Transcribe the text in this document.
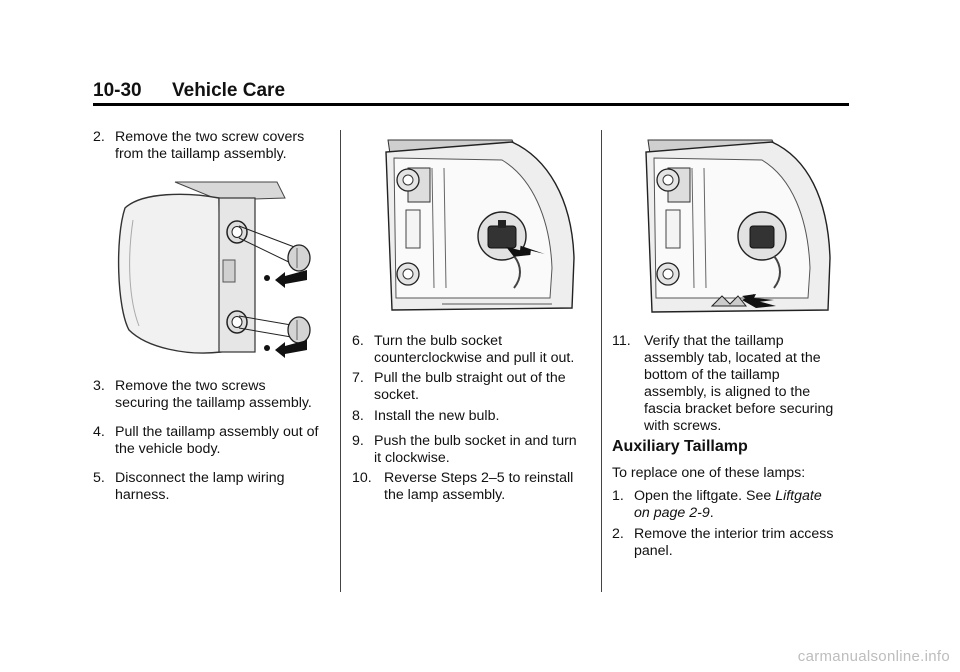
10-30 Vehicle Care
2. Remove the two screw covers
from the taillamp assembly.
3. Remove the two screws
securing the taillamp assembly.
4. Pull the taillamp assembly out of
the vehicle body.
5. Disconnect the lamp wiring
harness.
6. Turn the bulb socket
counterclockwise and pull it out.
7. Pull the bulb straight out of the
socket.
8. Install the new bulb.
9. Push the bulb socket in and turn
it clockwise.
10. Reverse Steps 2–5 to reinstall
the lamp assembly.
11. Verify that the taillamp
assembly tab, located at the
bottom of the taillamp
assembly, is aligned to the
fascia bracket before securing
with screws.
Auxiliary Taillamp
To replace one of these lamps:
1. Open the liftgate. See Liftgate
on page 2-9.
2. Remove the interior trim access
panel.
carmanualsonline.info
